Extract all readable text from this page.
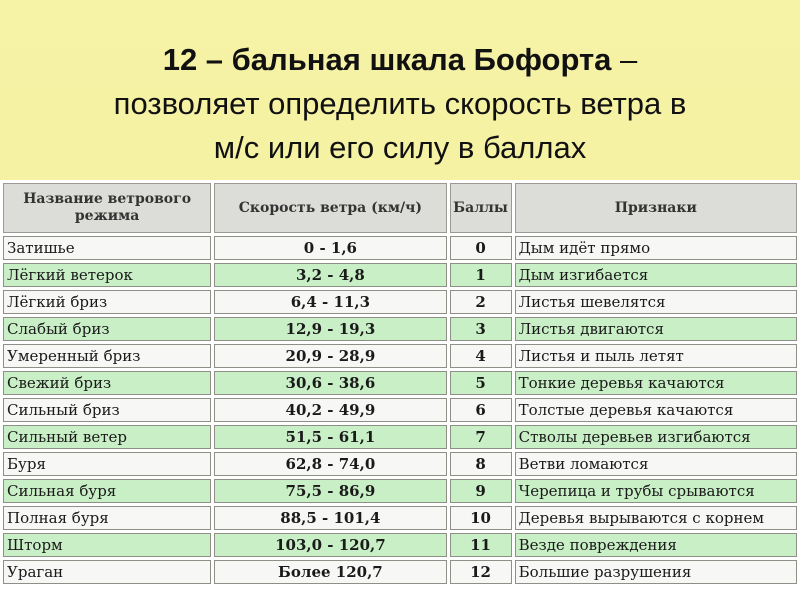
12 – бальная шкала Бофорта –
позволяет определить скорость ветра в
м/с или его силу в баллах
Название ветрового режима	Скорость ветра (км/ч)	Баллы	Признаки
Затишье	0 - 1,6	0	Дым идёт прямо
Лёгкий ветерок	3,2 - 4,8	1	Дым изгибается
Лёгкий бриз	6,4 - 11,3	2	Листья шевелятся
Слабый бриз	12,9 - 19,3	3	Листья двигаются
Умеренный бриз	20,9 - 28,9	4	Листья и пыль летят
Свежий бриз	30,6 - 38,6	5	Тонкие деревья качаются
Сильный бриз	40,2 - 49,9	6	Толстые деревья качаются
Сильный ветер	51,5 - 61,1	7	Стволы деревьев изгибаются
Буря	62,8 - 74,0	8	Ветви ломаются
Сильная буря	75,5 - 86,9	9	Черепица и трубы срываются
Полная буря	88,5 - 101,4	10	Деревья вырываются с корнем
Шторм	103,0 - 120,7	11	Везде повреждения
Ураган	Более 120,7	12	Большие разрушения
